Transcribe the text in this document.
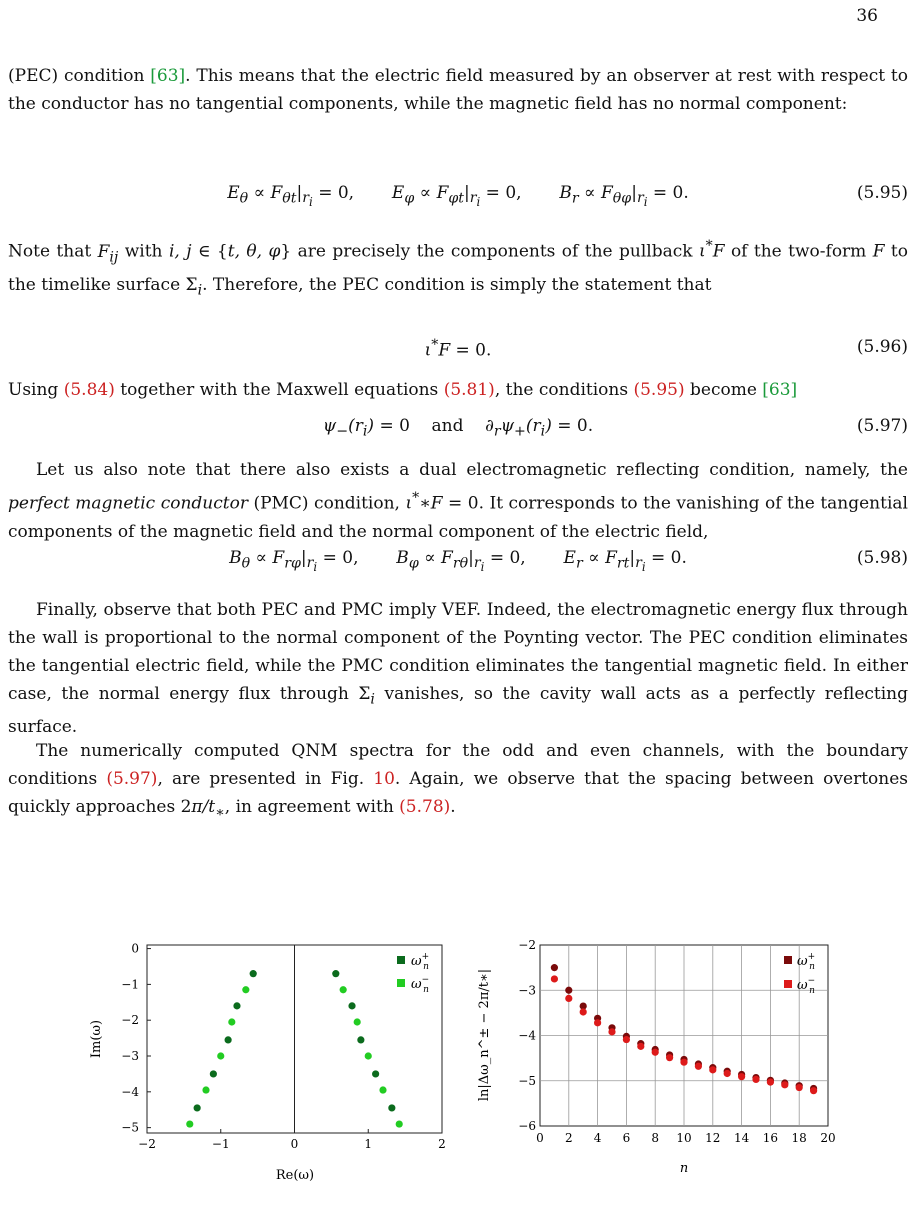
36
(PEC) condition [63]. This means that the electric field measured by an observer at rest with respect to the conductor has no tangential components, while the magnetic field has no normal component:
$E_\theta \propto F_{\theta t}|_{r_i} = 0$,       $E_\varphi \propto F_{\varphi t}|_{r_i} = 0$,       $B_r \propto F_{\theta\varphi}|_{r_i} = 0$.	(5.95)
Note that $F_{ij}$ with i, j ∈ {t, θ, φ} are precisely the components of the pullback ι*F of the two-form F to the timelike surface $\Sigma_i$. Therefore, the PEC condition is simply the statement that
ι*F = 0.	(5.96)
Using (5.84) together with the Maxwell equations (5.81), the conditions (5.95) become [63]
$\psi_-(r_i) = 0$    and    $\partial_r\psi_+(r_i) = 0$.	(5.97)
Let us also note that there also exists a dual electromagnetic reflecting condition, namely, the perfect magnetic conductor (PMC) condition, ι*∗F = 0. It corresponds to the vanishing of the tangential components of the magnetic field and the normal component of the electric field,
$B_\theta \propto F_{r\varphi}|_{r_i} = 0$,       $B_\varphi \propto F_{r\theta}|_{r_i} = 0$,       $E_r \propto F_{rt}|_{r_i} = 0$.	(5.98)
Finally, observe that both PEC and PMC imply VEF. Indeed, the electromagnetic energy flux through the wall is proportional to the normal component of the Poynting vector. The PEC condition eliminates the tangential electric field, while the PMC condition eliminates the tangential magnetic field. In either case, the normal energy flux through $\Sigma_i$ vanishes, so the cavity wall acts as a perfectly reflecting surface.
The numerically computed QNM spectra for the odd and even channels, with the boundary conditions (5.97), are presented in Fig. 10. Again, we observe that the spacing between overtones quickly approaches $2\pi/t_∗$, in agreement with (5.78).
−2	−1	0	1	2
0
−1
−2
−3
−4
−5
ω+ n
ω− n
Re(ω)
Im(ω)
0 2 4 6 8 10 12 14 16 18 20
−2
−3
−4
−5
−6
ω+ n
ω− n
n
ln|Δω_n^± − 2π/t∗|
